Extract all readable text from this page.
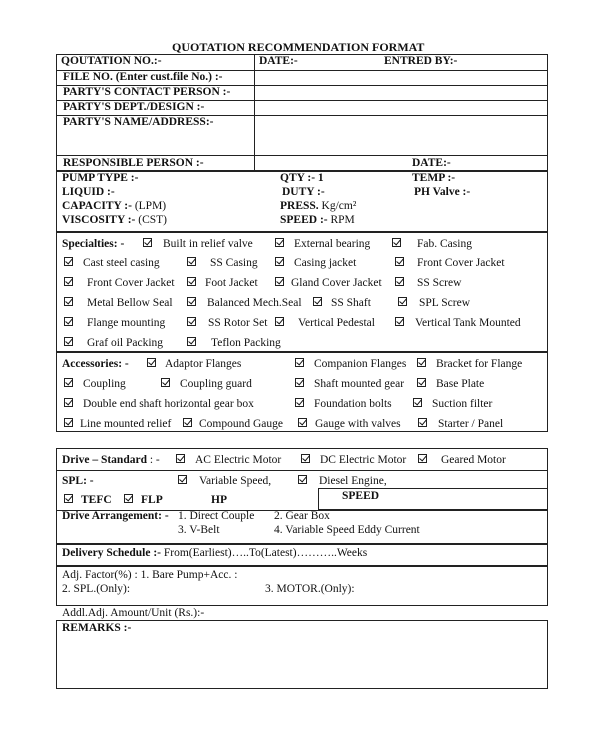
QUOTATION RECOMMENDATION FORMAT
QOUTATION NO.:-	DATE:-	ENTRED BY:-
FILE NO. (Enter cust.file No.) :-
PARTY'S CONTACT PERSON :-
PARTY'S DEPT./DESIGN :-
PARTY'S NAME/ADDRESS:-
RESPONSIBLE PERSON :-	DATE:-
PUMP TYPE :-	QTY :- 1	TEMP :-
LIQUID :-	DUTY :-	PH Valve :-
CAPACITY :- (LPM)	PRESS. Kg/cm²
VISCOSITY :- (CST)	SPEED :- RPM
Specialties: -	Built in relief valve	External bearing	Fab. Casing
Cast steel casing	SS Casing	Casing jacket	Front Cover Jacket
Front Cover Jacket	Foot Jacket	Gland Cover Jacket	SS Screw
Metal Bellow Seal	Balanced Mech.Seal	SS Shaft	SPL Screw
Flange mounting	SS Rotor Set	Vertical Pedestal	Vertical Tank Mounted
Graf oil Packing	Teflon Packing
Accessories: -	Adaptor Flanges	Companion Flanges	Bracket for Flange
Coupling	Coupling guard	Shaft mounted gear	Base Plate
Double end shaft horizontal gear box	Foundation bolts	Suction filter
Line mounted relief Compound Gauge	Gauge with valves	Starter / Panel
Drive – Standard : -	AC Electric Motor	DC Electric Motor	Geared Motor
SPL: -	Variable Speed,	Diesel Engine,
SPEED
TEFC	FLP	HP
Drive Arrangement: - 1. Direct Couple 2. Gear Box
3. V-Belt	4. Variable Speed Eddy Current
Delivery Schedule :- From(Earliest)…..To(Latest)………..Weeks
Adj. Factor(%) : 1. Bare Pump+Acc. :
2. SPL.(Only):	3. MOTOR.(Only):
Addl.Adj. Amount/Unit (Rs.):-
REMARKS :-
